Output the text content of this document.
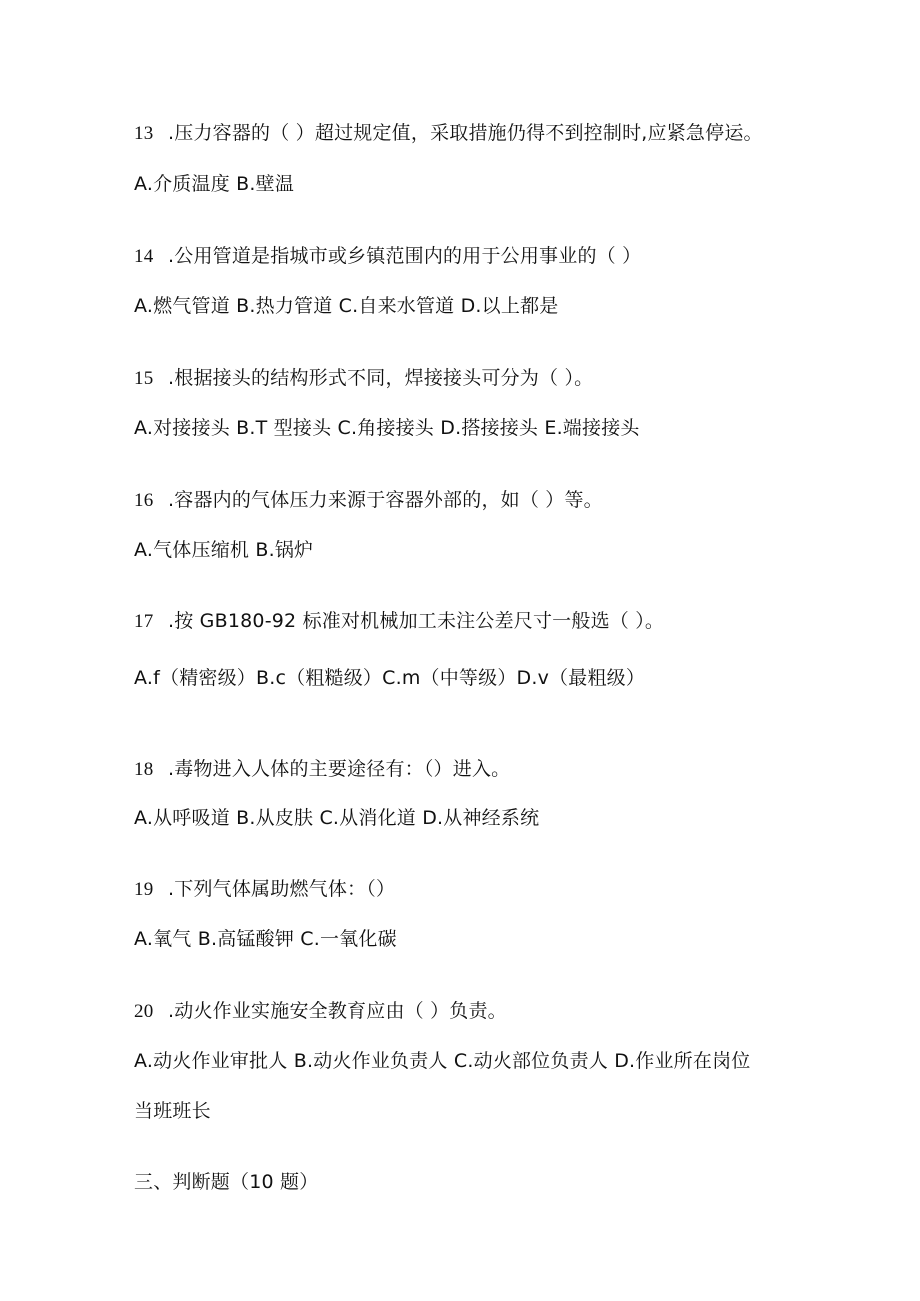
13 .压力容器的（ ）超过规定值，采取措施仍得不到控制时,应紧急停运。
A.介质温度 B.壁温
14 .公用管道是指城市或乡镇范围内的用于公用事业的（ ）
A.燃气管道 B.热力管道 C.自来水管道 D.以上都是
15 .根据接头的结构形式不同，焊接接头可分为（ ）。
A.对接接头 B.T 型接头 C.角接接头 D.搭接接头 E.端接接头
16 .容器内的气体压力来源于容器外部的，如（ ）等。
A.气体压缩机 B.锅炉
17 .按 GB180-92 标准对机械加工未注公差尺寸一般选（ ）。
A.f（精密级）B.c（粗糙级）C.m（中等级）D.v（最粗级）
18 .毒物进入人体的主要途径有：（）进入。
A.从呼吸道 B.从皮肤 C.从消化道 D.从神经系统
19 .下列气体属助燃气体：（）
A.氧气 B.高锰酸钾 C.一氧化碳
20 .动火作业实施安全教育应由（ ）负责。
A.动火作业审批人 B.动火作业负责人 C.动火部位负责人 D.作业所在岗位
当班班长
三、判断题（10 题）
